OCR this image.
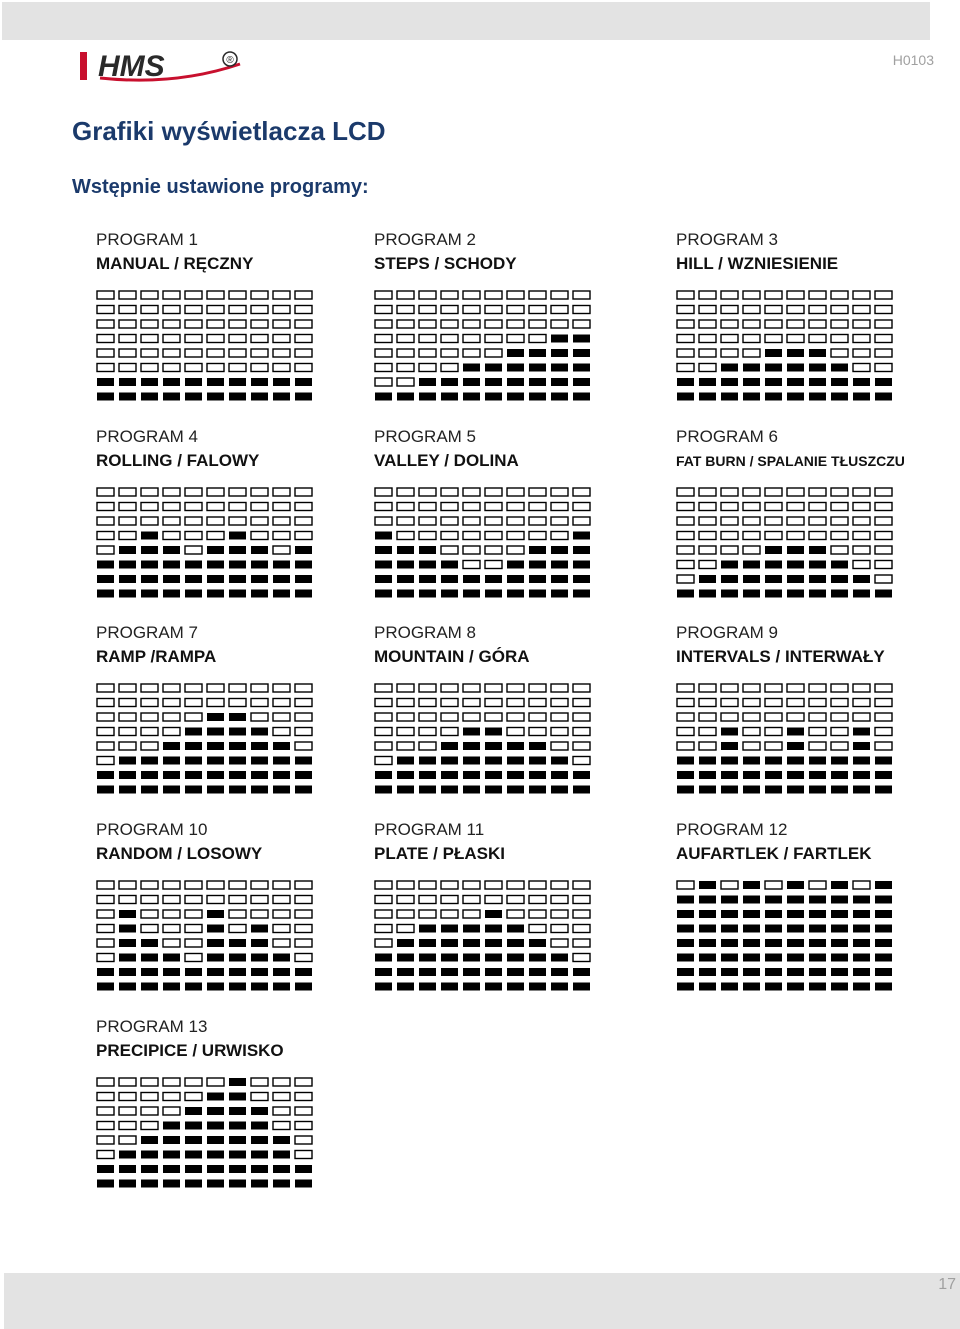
HMS	®	H0103
Grafiki wyświetlacza LCD
Wstępnie ustawione programy:
PROGRAM 1
MANUAL / RĘCZNY
PROGRAM 2
STEPS / SCHODY
PROGRAM 3
HILL / WZNIESIENIE
PROGRAM 4
ROLLING / FALOWY
PROGRAM 5
VALLEY / DOLINA
PROGRAM 6
FAT BURN / SPALANIE TŁUSZCZU
PROGRAM 7
RAMP /RAMPA
PROGRAM 8
MOUNTAIN / GÓRA
PROGRAM 9
INTERVALS / INTERWAŁY
PROGRAM 10
RANDOM / LOSOWY
PROGRAM 11
PLATE / PŁASKI
PROGRAM 12
AUFARTLEK / FARTLEK
PROGRAM 13
PRECIPICE / URWISKO
17
